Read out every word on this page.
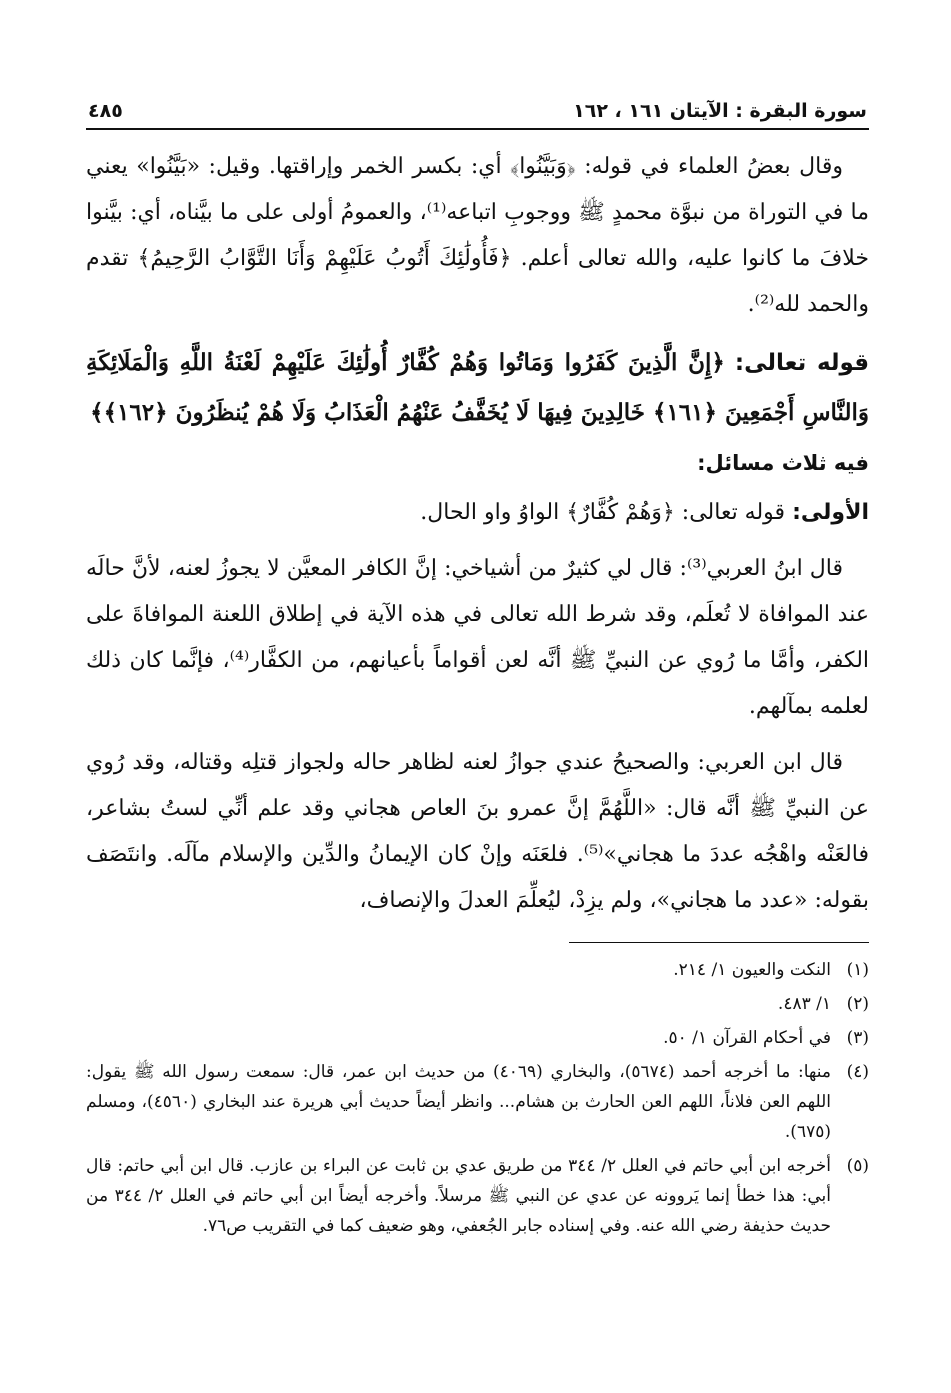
سورة البقرة : الآيتان ١٦١ ، ١٦٢
٤٨٥

وقال بعضُ العلماء في قوله: ﴿وَبَيَّنُوا﴾ أي: بكسر الخمر وإراقتها. وقيل: «بَيَّنُوا» يعني ما في التوراة من نبوَّة محمدٍ ﷺ ووجوبِ اتباعه⁽¹⁾، والعمومُ أولى على ما بيَّناه، أي: بيَّنوا خلافَ ما كانوا عليه، والله تعالى أعلم. ﴿فَأُولَٰئِكَ أَتُوبُ عَلَيْهِمْ وَأَنَا التَّوَّابُ الرَّحِيمُ﴾ تقدم والحمد لله⁽²⁾.

قوله تعالى: ﴿إِنَّ الَّذِينَ كَفَرُوا وَمَاتُوا وَهُمْ كُفَّارٌ أُولَٰئِكَ عَلَيْهِمْ لَعْنَةُ اللَّهِ وَالْمَلَائِكَةِ وَالنَّاسِ أَجْمَعِينَ ﴿١٦١﴾ خَالِدِينَ فِيهَا لَا يُخَفَّفُ عَنْهُمُ الْعَذَابُ وَلَا هُمْ يُنظَرُونَ ﴿١٦٢﴾﴾

فيه ثلاث مسائل:

الأولى: قوله تعالى: ﴿وَهُمْ كُفَّارٌ﴾ الواوُ واو الحال.

قال ابنُ العربي⁽³⁾: قال لي كثيرٌ من أشياخي: إنَّ الكافر المعيَّن لا يجوزُ لعنه، لأنَّ حالَه عند الموافاة لا تُعلَم، وقد شرط الله تعالى في هذه الآية في إطلاق اللعنة الموافاةَ على الكفر، وأمَّا ما رُوي عن النبيِّ ﷺ أنَّه لعن أقواماً بأعيانهم، من الكفَّار⁽⁴⁾، فإنَّما كان ذلك لعلمه بمآلهم.

قال ابن العربي: والصحيحُ عندي جوازُ لعنه لظاهر حاله ولجواز قتلِه وقتاله، وقد رُوي عن النبيِّ ﷺ أنَّه قال: «اللَّهُمَّ إنَّ عمرو بنَ العاص هجاني وقد علم أنِّي لستُ بشاعر، فالعَنْه واهْجُه عددَ ما هجاني»⁽⁵⁾. فلعَنَه وإنْ كان الإيمانُ والدِّين والإسلام مآلَه. وانتَصَف بقوله: «عدد ما هجاني»، ولم يزِدْ، ليُعلِّمَ العدلَ والإنصاف،

(١)
النكت والعيون ١/ ٢١٤.
(٢)
١/ ٤٨٣.
(٣)
في أحكام القرآن ١/ ٥٠.
(٤)
منها: ما أخرجه أحمد (٥٦٧٤)، والبخاري (٤٠٦٩) من حديث ابن عمر، قال: سمعت رسول الله ﷺ يقول: اللهم العن فلاناً، اللهم العن الحارث بن هشام... وانظر أيضاً حديث أبي هريرة عند البخاري (٤٥٦٠)، ومسلم (٦٧٥).
(٥)
أخرجه ابن أبي حاتم في العلل ٢/ ٣٤٤ من طريق عدي بن ثابت عن البراء بن عازب. قال ابن أبي حاتم: قال أبي: هذا خطأ إنما يَروونه عن عدي عن النبي ﷺ مرسلاً. وأخرجه أيضاً ابن أبي حاتم في العلل ٢/ ٣٤٤ من حديث حذيفة رضي الله عنه. وفي إسناده جابر الجُعفي، وهو ضعيف كما في التقريب ص٧٦.
